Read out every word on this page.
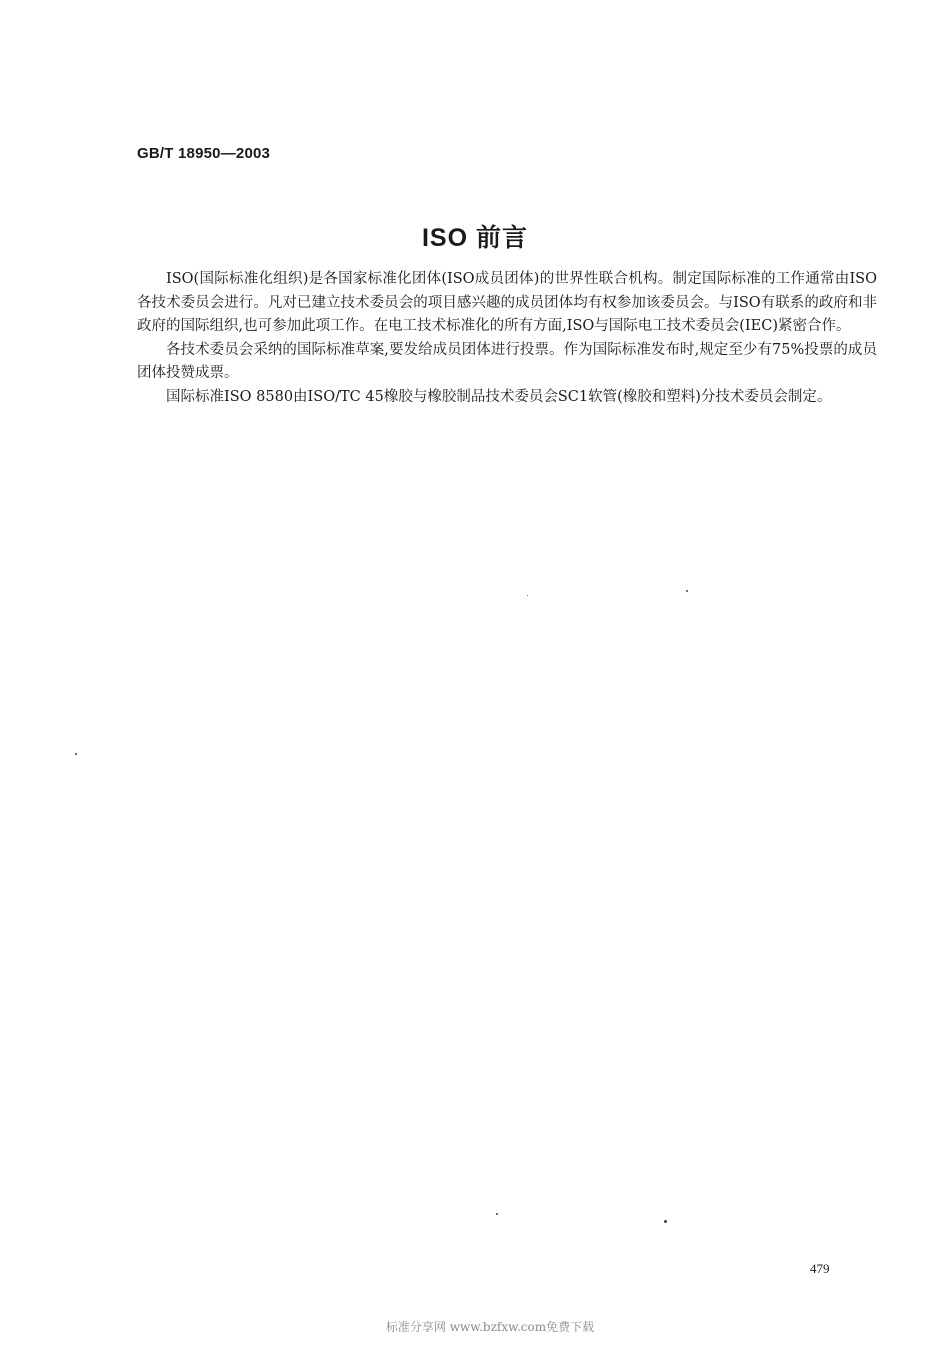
GB/T 18950—2003
ISO 前言

ISO(国际标准化组织)是各国家标准化团体(ISO成员团体)的世界性联合机构。制定国际标准的工作通常由ISO各技术委员会进行。凡对已建立技术委员会的项目感兴趣的成员团体均有权参加该委员会。与ISO有联系的政府和非政府的国际组织,也可参加此项工作。在电工技术标准化的所有方面,ISO与国际电工技术委员会(IEC)紧密合作。

各技术委员会采纳的国际标准草案,要发给成员团体进行投票。作为国际标准发布时,规定至少有75%投票的成员团体投赞成票。

国际标准ISO 8580由ISO/TC 45橡胶与橡胶制品技术委员会SC1软管(橡胶和塑料)分技术委员会制定。

479
标准分享网 www.bzfxw.com免费下载
